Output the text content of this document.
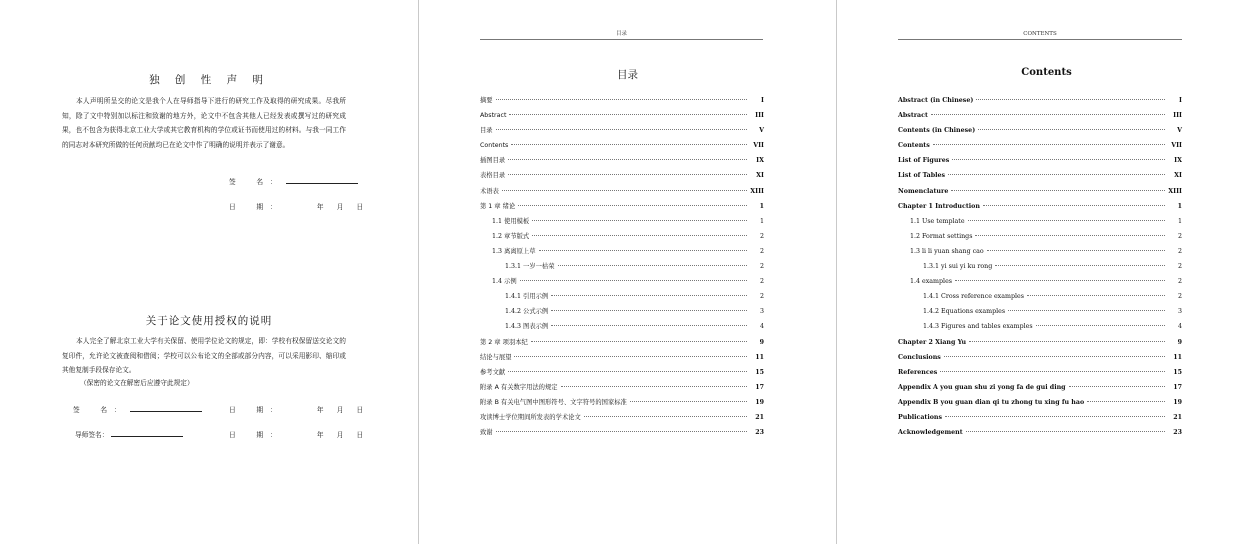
独 创 性 声 明
本人声明所呈交的论文是我个人在导师指导下进行的研究工作及取得的研究成果。尽我所知，除了文中特别加以标注和致谢的地方外，论文中不包含其他人已经发表或撰写过的研究成果，也不包含为获得北京工业大学或其它教育机构的学位或证书而使用过的材料。与我一同工作的同志对本研究所做的任何贡献均已在论文中作了明确的说明并表示了谢意。
签　名：
日　期：	年 月 日
关于论文使用授权的说明
本人完全了解北京工业大学有关保留、使用学位论文的规定，即：学校有权保留送交论文的复印件，允许论文被查阅和借阅；学校可以公布论文的全部或部分内容，可以采用影印、缩印或其他复制手段保存论文。
（保密的论文在解密后应遵守此规定）
签　名：	日　期：	年 月 日
导师签名：	日　期：	年 月 日
目录
目录
摘要	I
Abstract	III
目录	V
Contents	VII
插图目录	IX
表格目录	XI
术语表	XIII
第 1 章 绪论	1
1.1 使用模板	1
1.2 章节版式	2
1.3 离离原上草	2
1.3.1 一岁一枯荣	2
1.4 示例	2
1.4.1 引用示例	2
1.4.2 公式示例	3
1.4.3 图表示例	4
第 2 章 项羽本纪	9
结论与展望	11
参考文献	15
附录 A 有关数字用法的规定	17
附录 B 有关电气图中图形符号、文字符号的国家标准	19
攻读博士学位期间所发表的学术论文	21
致谢	23
CONTENTS
Contents
Abstract (in Chinese)	I
Abstract	III
Contents (in Chinese)	V
Contents	VII
List of Figures	IX
List of Tables	XI
Nomenclature	XIII
Chapter 1 Introduction	1
1.1 Use template	1
1.2 Format settings	2
1.3 li li yuan shang cao	2
1.3.1 yi sui yi ku rong	2
1.4 examples	2
1.4.1 Cross reference examples	2
1.4.2 Equations examples	3
1.4.3 Figures and tables examples	4
Chapter 2 Xiang Yu	9
Conclusions	11
References	15
Appendix A you guan shu zi yong fa de gui ding	17
Appendix B you guan dian qi tu zhong tu xing fu hao	19
Publications	21
Acknowledgement	23
